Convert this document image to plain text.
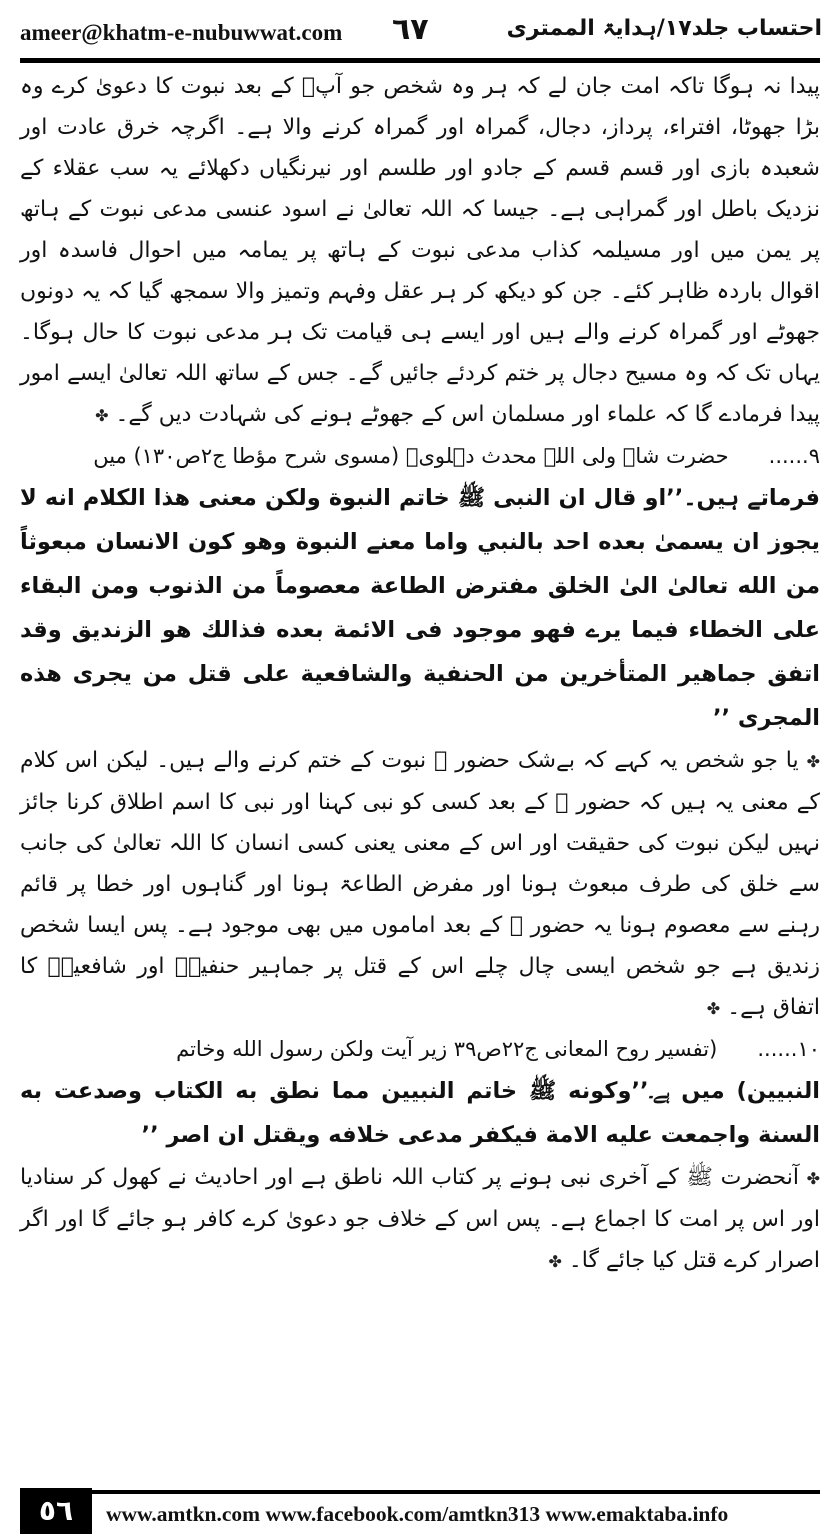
ameer@khatm-e-nubuwwat.com ٦٧	احتساب جلد۱۷/ہدایۃ الممتری

پیدا نہ ہوگا تاکہ امت جان لے کہ ہر وہ شخص جو آپؐ کے بعد نبوت کا دعویٰ کرے وہ بڑا جھوٹا، افتراء، پرداز، دجال، گمراہ اور گمراہ کرنے والا ہے۔ اگرچہ خرق عادت اور شعبدہ بازی اور قسم قسم کے جادو اور طلسم اور نیرنگیاں دکھلائے یہ سب عقلاء کے نزدیک باطل اور گمراہی ہے۔ جیسا کہ اللہ تعالیٰ نے اسود عنسی مدعی نبوت کے ہاتھ پر یمن میں اور مسیلمہ کذاب مدعی نبوت کے ہاتھ پر یمامہ میں احوال فاسدہ اور اقوال باردہ ظاہر کئے۔ جن کو دیکھ کر ہر عقل وفہم وتمیز والا سمجھ گیا کہ یہ دونوں جھوٹے اور گمراہ کرنے والے ہیں اور ایسے ہی قیامت تک ہر مدعی نبوت کا حال ہوگا۔ یہاں تک کہ وہ مسیح دجال پر ختم کردئے جائیں گے۔ جس کے ساتھ اللہ تعالیٰ ایسے امور پیدا فرمادے گا کہ علماء اور مسلمان اس کے جھوٹے ہونے کی شہادت دیں گے۔ ✤

۹......      حضرت شاہ ولی اللہ محدث دہلویؒ (مسوی شرح مؤطا ج۲ص۱۳۰) میں

فرماتے ہیں۔’’او قال ان النبی ﷺ خاتم النبوة ولكن معنى هذا الكلام انه لا يجوز ان يسمىٰ بعده احد بالنبي واما معنے النبوة وهو كون الانسان مبعوثاً من الله تعالىٰ الىٰ الخلق مفترض الطاعة معصوماً من الذنوب ومن البقاء على الخطاء فيما يرے فهو موجود فى الائمة بعده فذالك هو الزنديق وقد اتفق جماهير المتأخرين من الحنفية والشافعية على قتل من يجرى هذه المجرى ’’

✤ یا جو شخص یہ کہے کہ بےشک حضور ﷺ نبوت کے ختم کرنے والے ہیں۔ لیکن اس کلام کے معنی یہ ہیں کہ حضور ﷺ کے بعد کسی کو نبی کہنا اور نبی کا اسم اطلاق کرنا جائز نہیں لیکن نبوت کی حقیقت اور اس کے معنی یعنی کسی انسان کا اللہ تعالیٰ کی جانب سے خلق کی طرف مبعوث ہونا اور مفرض الطاعۃ ہونا اور گناہوں اور خطا پر قائم رہنے سے معصوم ہونا یہ حضور ﷺ کے بعد اماموں میں بھی موجود ہے۔ پس ایسا شخص زندیق ہے جو شخص ایسی چال چلے اس کے قتل پر جماہیر حنفیہؒ اور شافعیہؒ کا اتفاق ہے۔ ✤

۱۰......      (تفسیر روح المعانی ج۲۲ص۳۹ زیر آیت ولكن رسول الله وخاتم

النبیین) میں ہے۔’’وكونه ﷺ خاتم النبيين مما نطق به الكتاب وصدعت به السنة واجمعت عليه الامة فيكفر مدعى خلافه ويقتل ان اصر ’’

✤ آنحضرت ﷺ کے آخری نبی ہونے پر کتاب اللہ ناطق ہے اور احادیث نے کھول کر سنادیا اور اس پر امت کا اجماع ہے۔ پس اس کے خلاف جو دعویٰ کرے کافر ہو جائے گا اور اگر اصرار کرے قتل کیا جائے گا۔ ✤

٥٦	www.amtkn.com www.facebook.com/amtkn313 www.emaktaba.info
